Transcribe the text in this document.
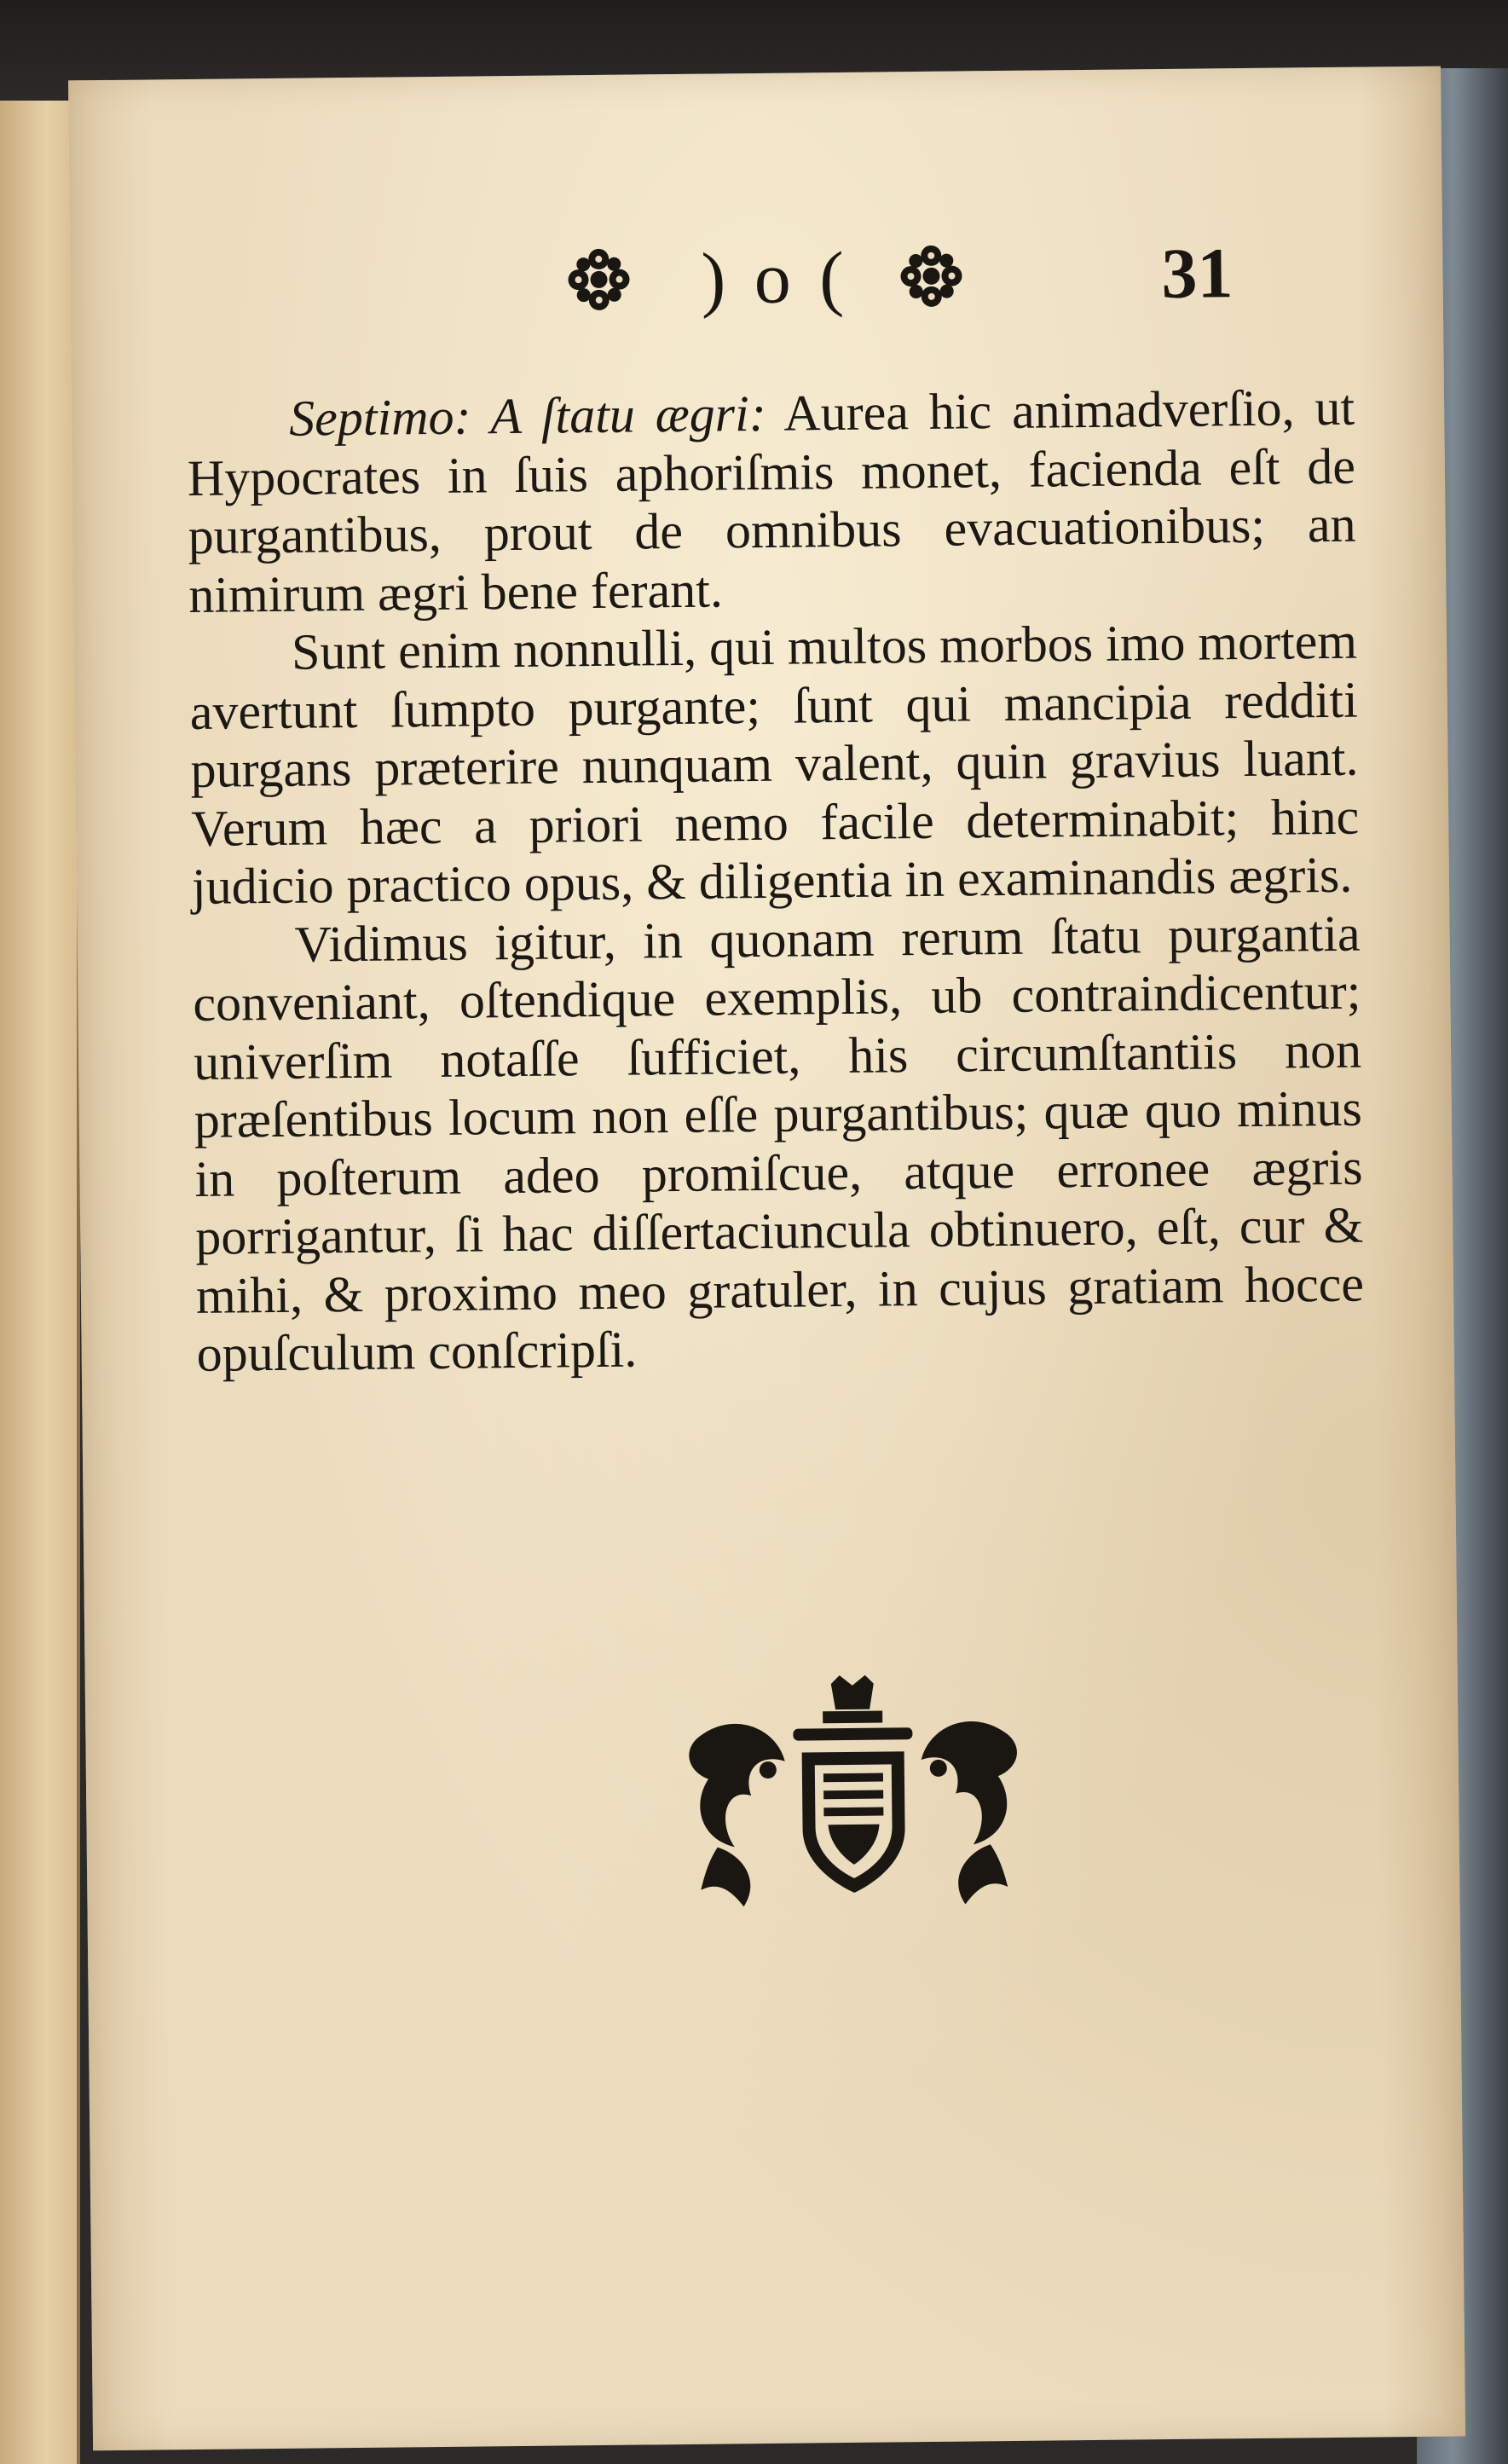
) o (	31

Septimo: A ſtatu ægri: Aurea hic animadverſio, ut Hypocrates in ſuis aphoriſmis monet, facienda eſt de purgantibus, prout de omnibus evacuationibus; an nimirum ægri bene ferant.

Sunt enim nonnulli, qui multos morbos imo mortem avertunt ſumpto purgante; ſunt qui mancipia redditi purgans præterire nunquam valent, quin gravius luant. Verum hæc a priori nemo facile determinabit; hinc judicio practico opus, & diligentia in examinandis ægris.

Vidimus igitur, in quonam rerum ſtatu purgantia conveniant, oſtendique exemplis, ub contraindicentur; univerſim notaſſe ſufficiet, his circumſtantiis non præſentibus locum non eſſe purgantibus; quæ quo minus in poſterum adeo promiſcue, atque erronee ægris porrigantur, ſi hac diſſertaciuncula obtinuero, eſt, cur & mihi, & proximo meo gratuler, in cujus gratiam hocce opuſculum conſcripſi.
